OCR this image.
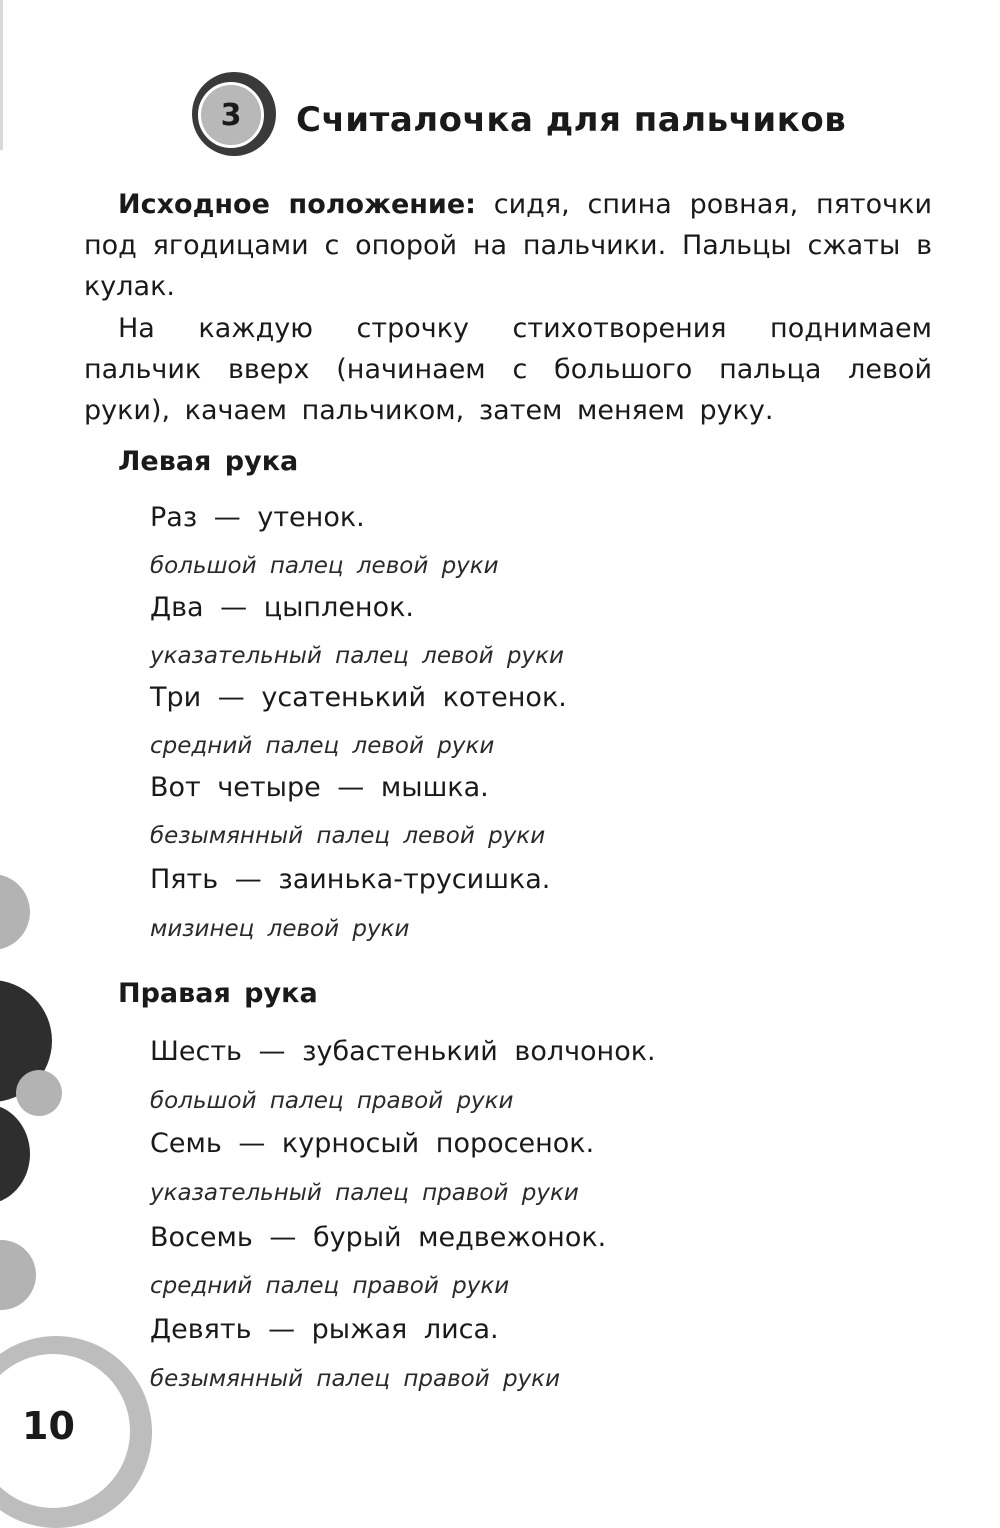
3	Считалочка для пальчиков
Исходное положение: сидя, спина ровная, пяточки под ягодицами с опорой на пальчики. Пальцы сжаты в кулак.
На каждую строчку стихотворения поднимаем пальчик вверх (начинаем с большого пальца левой руки), качаем пальчиком, затем меняем руку.
Левая рука
Раз — утенок.
большой палец левой руки
Два — цыпленок.
указательный палец левой руки
Три — усатенький котенок.
средний палец левой руки
Вот четыре — мышка.
безымянный палец левой руки
Пять — заинька-трусишка.
мизинец левой руки
Правая рука
Шесть — зубастенький волчонок.
большой палец правой руки
Семь — курносый поросенок.
указательный палец правой руки
Восемь — бурый медвежонок.
средний палец правой руки
Девять — рыжая лиса.
безымянный палец правой руки
10
